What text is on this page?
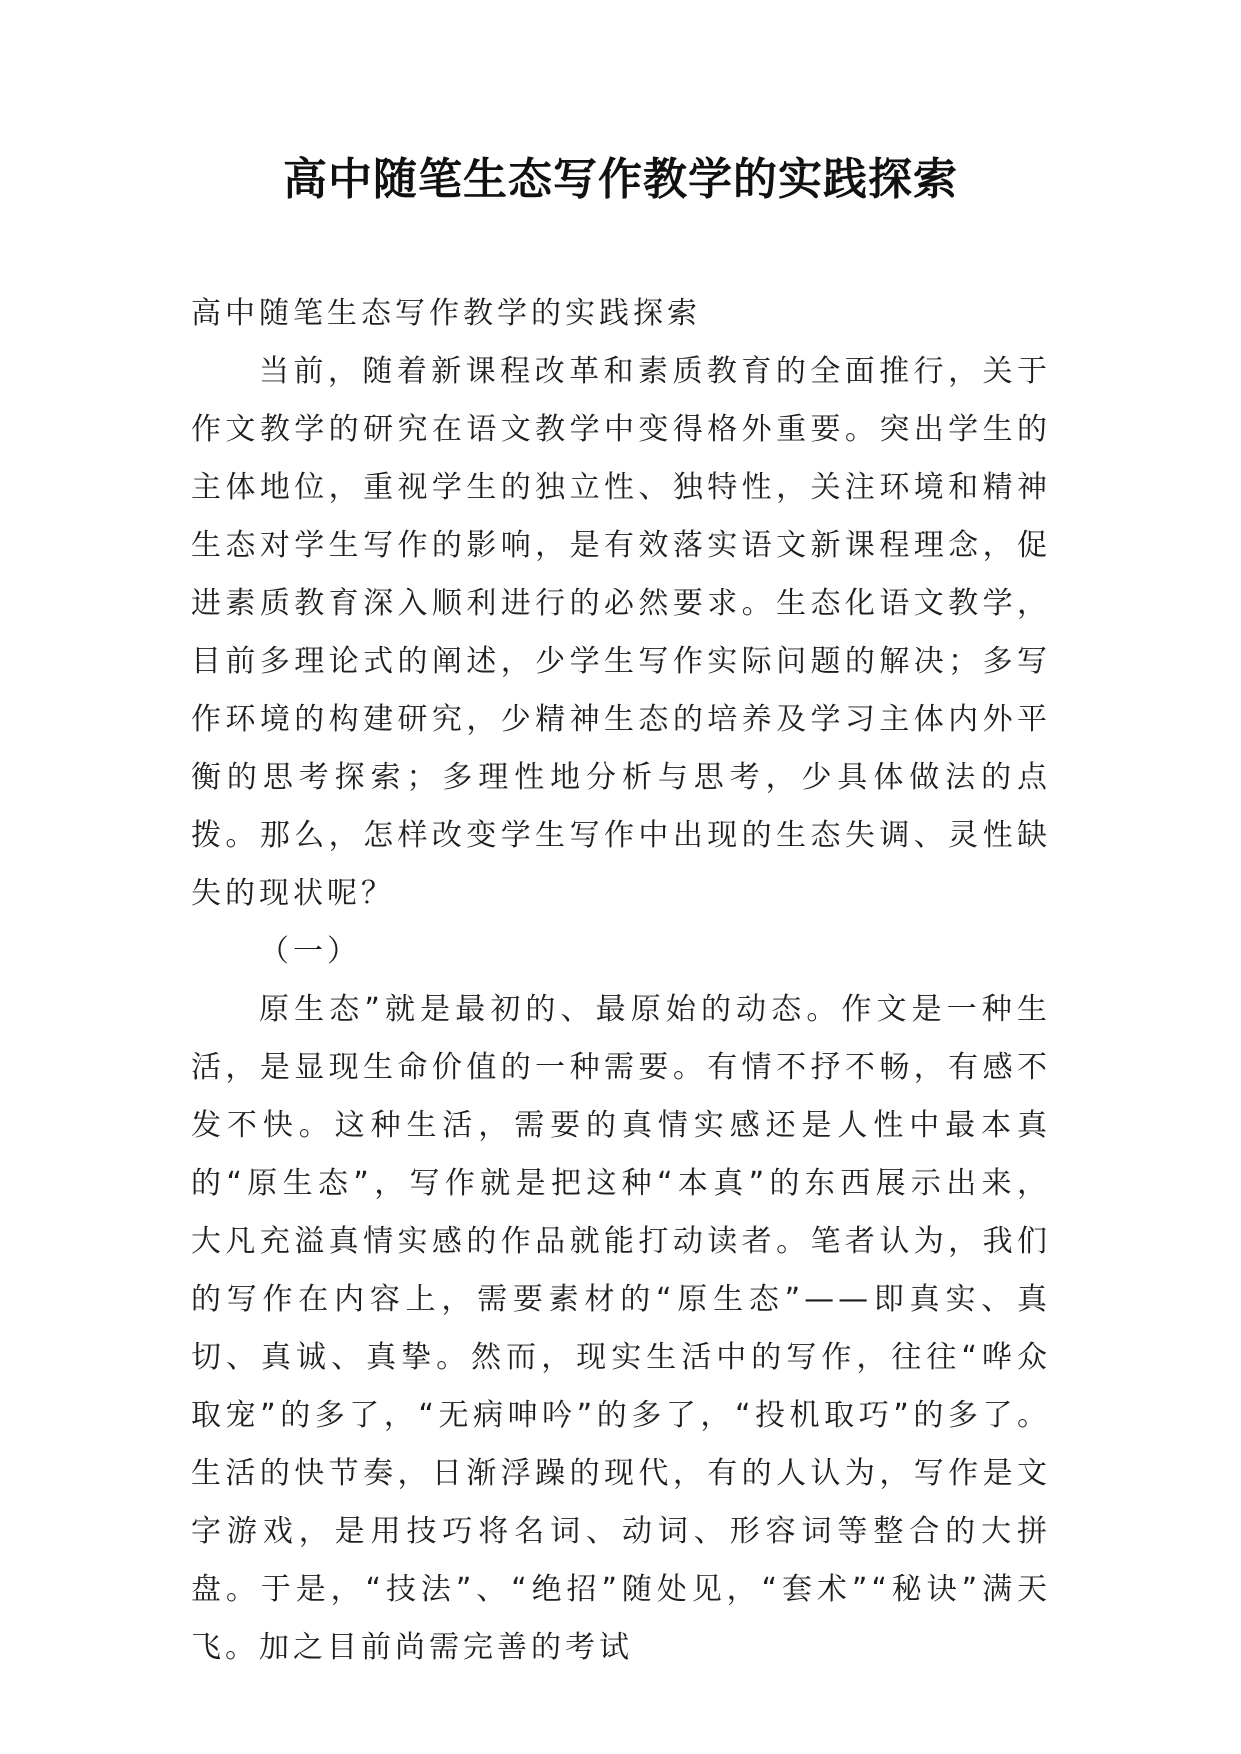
高中随笔生态写作教学的实践探索

高中随笔生态写作教学的实践探索

当前，随着新课程改革和素质教育的全面推行，关于作文教学的研究在语文教学中变得格外重要。突出学生的主体地位，重视学生的独立性、独特性，关注环境和精神生态对学生写作的影响，是有效落实语文新课程理念，促进素质教育深入顺利进行的必然要求。生态化语文教学，目前多理论式的阐述，少学生写作实际问题的解决；多写作环境的构建研究，少精神生态的培养及学习主体内外平衡的思考探索；多理性地分析与思考，少具体做法的点拨。那么，怎样改变学生写作中出现的生态失调、灵性缺失的现状呢？

（一）

原生态”就是最初的、最原始的动态。作文是一种生活，是显现生命价值的一种需要。有情不抒不畅，有感不发不快。这种生活，需要的真情实感还是人性中最本真的“原生态”，写作就是把这种“本真”的东西展示出来，大凡充溢真情实感的作品就能打动读者。笔者认为，我们的写作在内容上，需要素材的“原生态”——即真实、真切、真诚、真挚。然而，现实生活中的写作，往往“哗众取宠”的多了，“无病呻吟”的多了，“投机取巧”的多了。生活的快节奏，日渐浮躁的现代，有的人认为，写作是文字游戏，是用技巧将名词、动词、形容词等整合的大拼盘。于是，“技法”、“绝招”随处见，“套术”“秘诀”满天飞。加之目前尚需完善的考试
